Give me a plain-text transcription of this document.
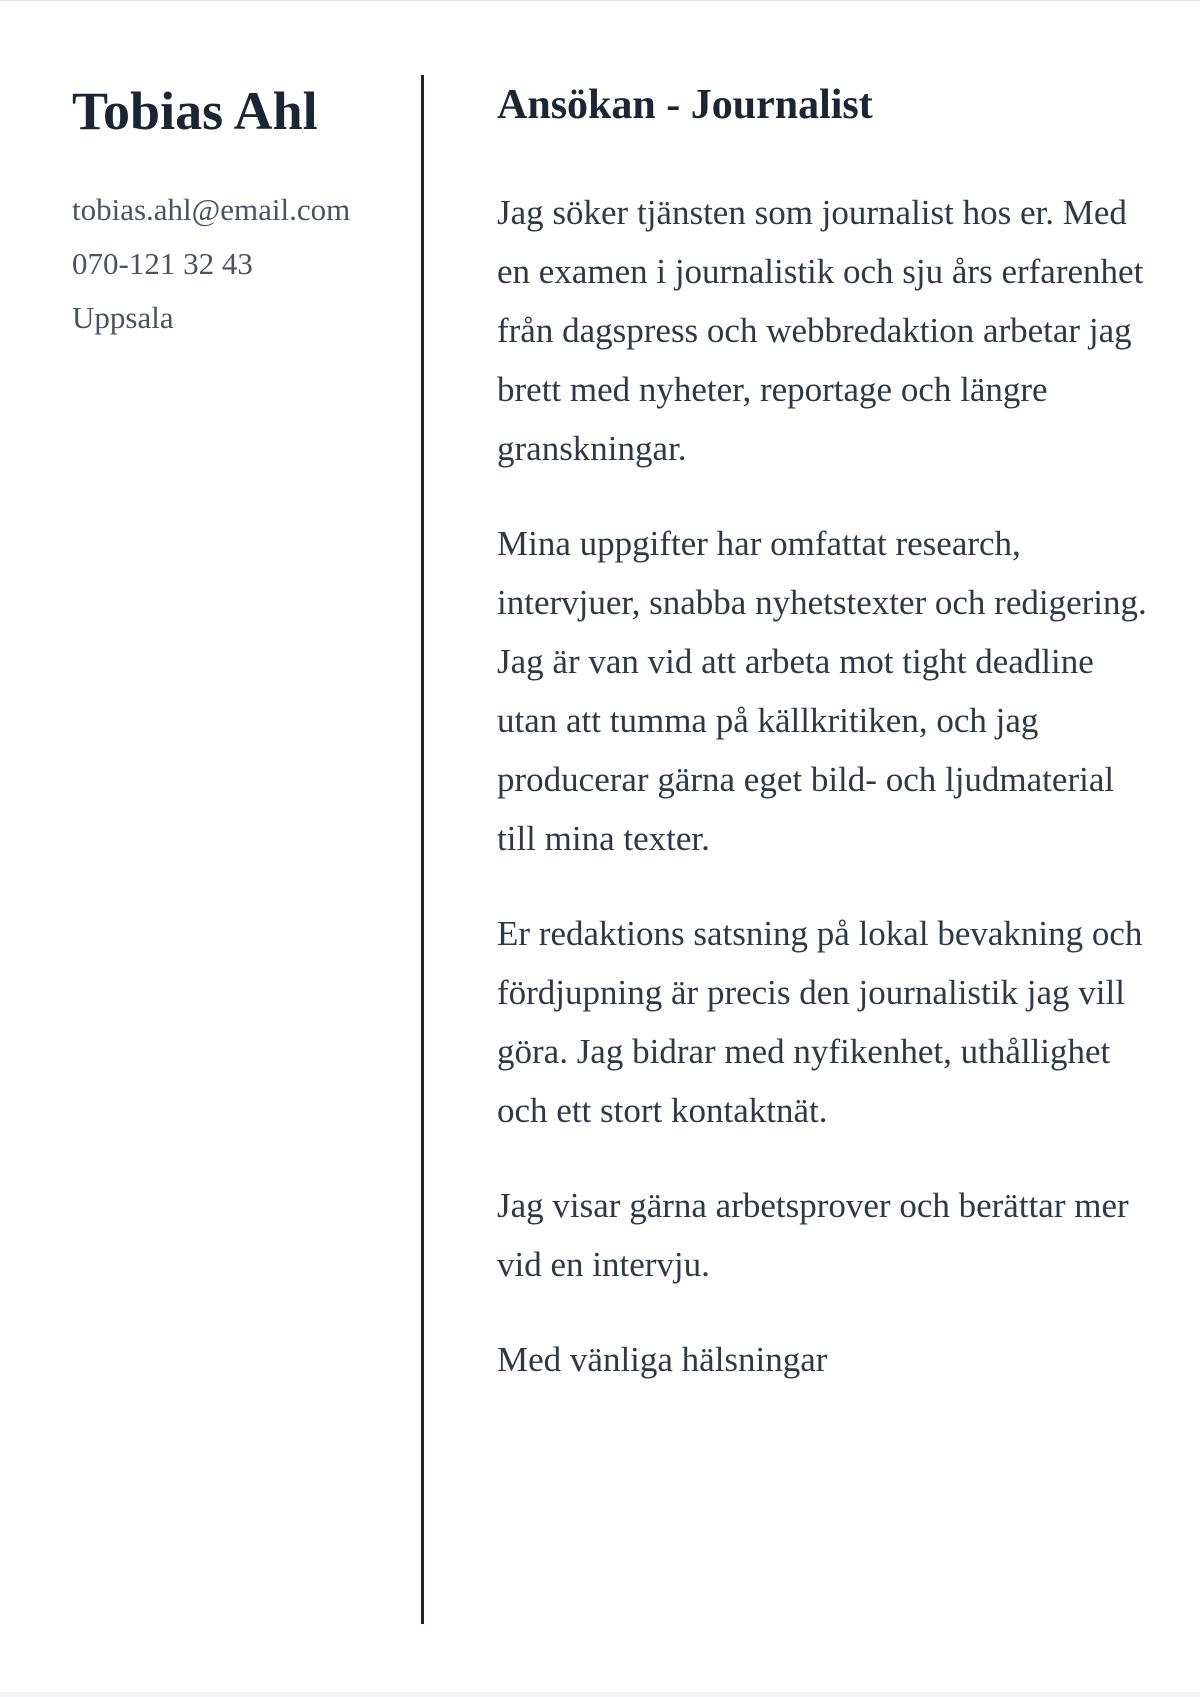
Tobias Ahl
tobias.ahl@email.com
070-121 32 43
Uppsala
Ansökan - Journalist

Jag söker tjänsten som journalist hos er. Med en examen i journalistik och sju års erfarenhet från dagspress och webbredaktion arbetar jag brett med nyheter, reportage och längre granskningar.

Mina uppgifter har omfattat research, intervjuer, snabba nyhetstexter och redigering. Jag är van vid att arbeta mot tight deadline utan att tumma på källkritiken, och jag producerar gärna eget bild- och ljudmaterial till mina texter.

Er redaktions satsning på lokal bevakning och fördjupning är precis den journalistik jag vill göra. Jag bidrar med nyfikenhet, uthållighet och ett stort kontaktnät.

Jag visar gärna arbetsprover och berättar mer vid en intervju.

Med vänliga hälsningar
